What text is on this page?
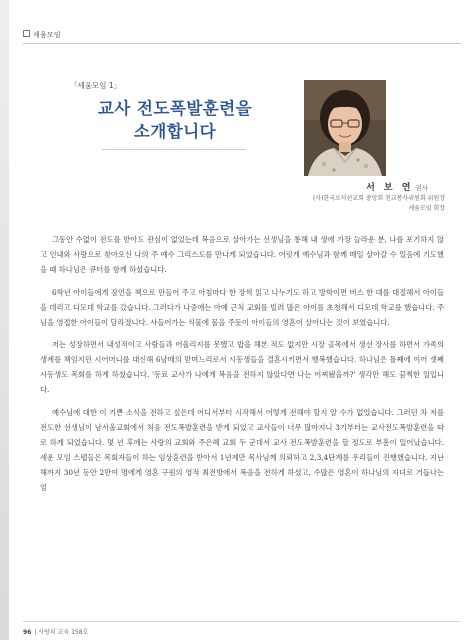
세움모임
「세움모임 1」
교사 전도폭발훈련을
소개합니다
서 보 연 권사
(사)한국오사선교회 중앙회 친교봉사위원회 위원장
세움모임 회장

그동안 수없이 전도를 받아도 관심이 없었는데 복음으로 살아가는 선생님을 통해 내 생에 가장 늘라운 분, 나를 포기하지 않고 인내와 사랑으로 찾아오신 나의 주 예수 그리스도를 만나게 되었습니다. 어릿게 예수님과 함께 매일 살아갈 수 있음에 기도했을 때 하나님은 큐터를 함께 하셨습니다.

6학년 아이들에게 잠언을 책으로 만들어 주고 아침마다 한 장씩 읽고 나누기도 하고 방학이면 버스 한 대를 대절해서 아이들을 데리고 디모데 학교를 갔습니다. 그러다가 나중에는 아예 근처 교회를 빌려 많은 아이를 초청해서 디모데 학교를 했습니다. 주님을 영접한 아이들이 달라졌니다. 사들어가는 식물에 물을 주듯이 아이들의 영혼이 살아나는 것이 보였습니다.

저는 성장하면서 내성적이고 사람들과 어울리지를 못했고 밥을 해본 적도 없지만 시장 골목에서 생선 장사를 하면서 가족의 생계를 책임지던 시어머니를 대신해 6남매의 맏며느리로서 시동생들을 결혼시키면서 행복했습니다. 하나님은 틀째에 이어 셋째 시동생도 목회를 하게 하셨습니다. '동료 교사가 나에게 복음을 전하지 않았다면 나는 어찌됐을까?' 생각만 해도 끔찍한 일입니다.

예수님에 대한 이 기쁜 소식을 전하고 싶은데 어디서부터 시작해서 어떻게 전해야 할지 알 수가 없었습니다. 그러던 차 저를 전도한 선생님이 남서울교회에서 처음 전도폭발훈련을 받게 되었고 교사들이 너무 많아지니 3기부터는 교사전도폭발훈련을 따로 하게 되었습니다. 몇 년 후에는 사랑의 교회와 주은혜 교회 두 군데서 교사 전도폭발훈련을 할 정도로 부흥이 일어났습니다. 세운 모임 스탭들은 목회자들이 하는 임상훈련을 받아서 1년제만 목사님께 의뢰하고 2,3,4단계를 우리들이 진행했습니다. 지난해까지 30년 동안 2만여 명에게 영혼 구원의 영적 최전방에서 복음을 전하게 하셨고, 수많은 영혼이 하나님의 자녀로 거듭나는 엄

96 | 사랑의 교육 158호
